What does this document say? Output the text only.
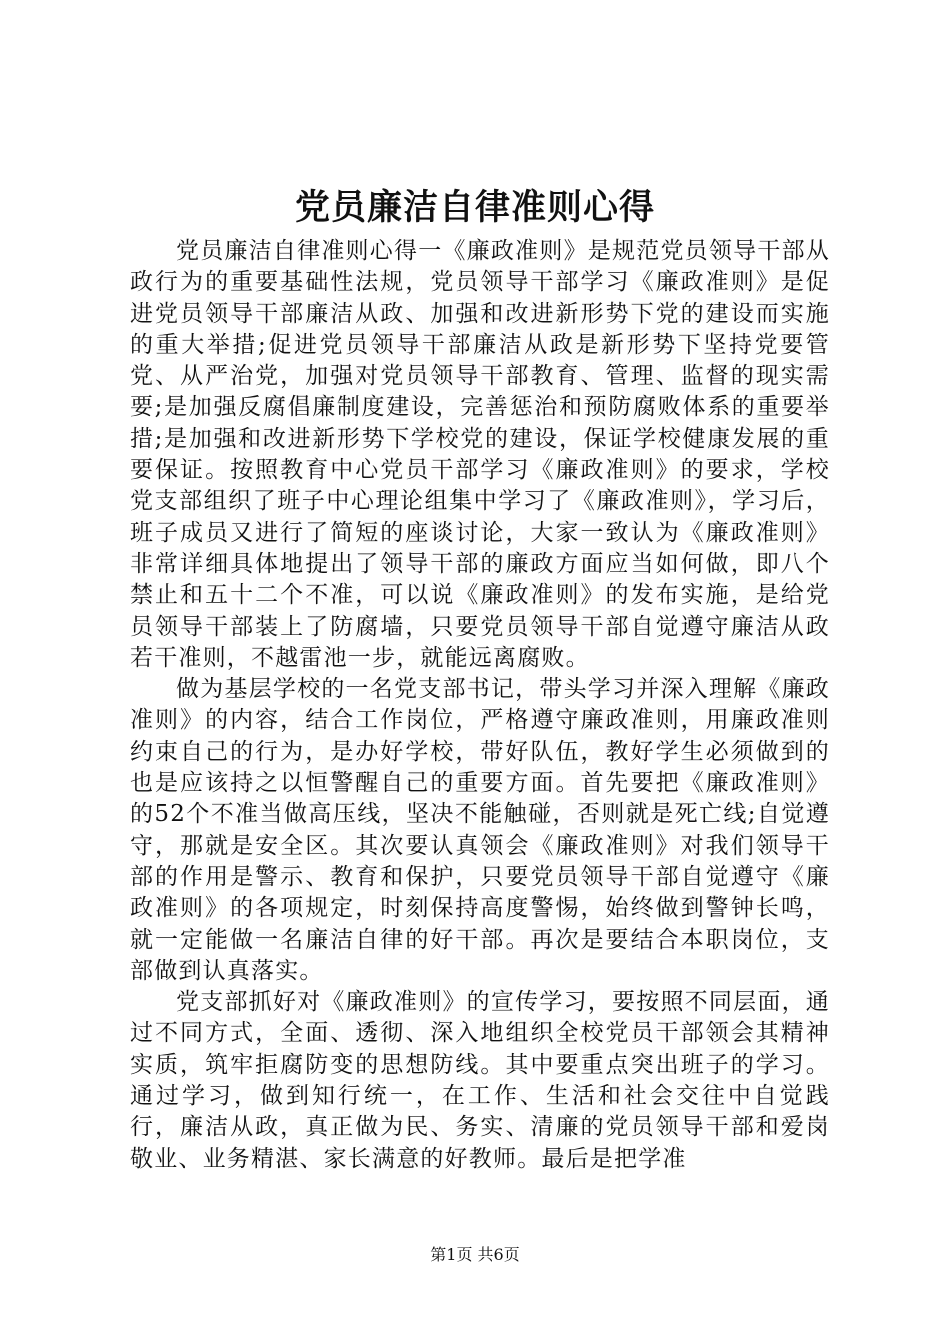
党员廉洁自律准则心得

党员廉洁自律准则心得一《廉政准则》是规范党员领导干部从政行为的重要基础性法规，党员领导干部学习《廉政准则》是促进党员领导干部廉洁从政、加强和改进新形势下党的建设而实施的重大举措;促进党员领导干部廉洁从政是新形势下坚持党要管党、从严治党，加强对党员领导干部教育、管理、监督的现实需要;是加强反腐倡廉制度建设，完善惩治和预防腐败体系的重要举措;是加强和改进新形势下学校党的建设，保证学校健康发展的重要保证。按照教育中心党员干部学习《廉政准则》的要求，学校党支部组织了班子中心理论组集中学习了《廉政准则》，学习后，班子成员又进行了简短的座谈讨论，大家一致认为《廉政准则》非常详细具体地提出了领导干部的廉政方面应当如何做，即八个禁止和五十二个不准，可以说《廉政准则》的发布实施，是给党员领导干部装上了防腐墙，只要党员领导干部自觉遵守廉洁从政若干准则，不越雷池一步，就能远离腐败。

做为基层学校的一名党支部书记，带头学习并深入理解《廉政准则》的内容，结合工作岗位，严格遵守廉政准则，用廉政准则约束自己的行为，是办好学校，带好队伍，教好学生必须做到的也是应该持之以恒警醒自己的重要方面。首先要把《廉政准则》的52个不准当做高压线，坚决不能触碰，否则就是死亡线;自觉遵守，那就是安全区。其次要认真领会《廉政准则》对我们领导干部的作用是警示、教育和保护，只要党员领导干部自觉遵守《廉政准则》的各项规定，时刻保持高度警惕，始终做到警钟长鸣，就一定能做一名廉洁自律的好干部。再次是要结合本职岗位，支部做到认真落实。

党支部抓好对《廉政准则》的宣传学习，要按照不同层面，通过不同方式，全面、透彻、深入地组织全校党员干部领会其精神实质，筑牢拒腐防变的思想防线。其中要重点突出班子的学习。通过学习，做到知行统一，在工作、生活和社会交往中自觉践行，廉洁从政，真正做为民、务实、清廉的党员领导干部和爱岗敬业、业务精湛、家长满意的好教师。最后是把学准

第1页 共6页
